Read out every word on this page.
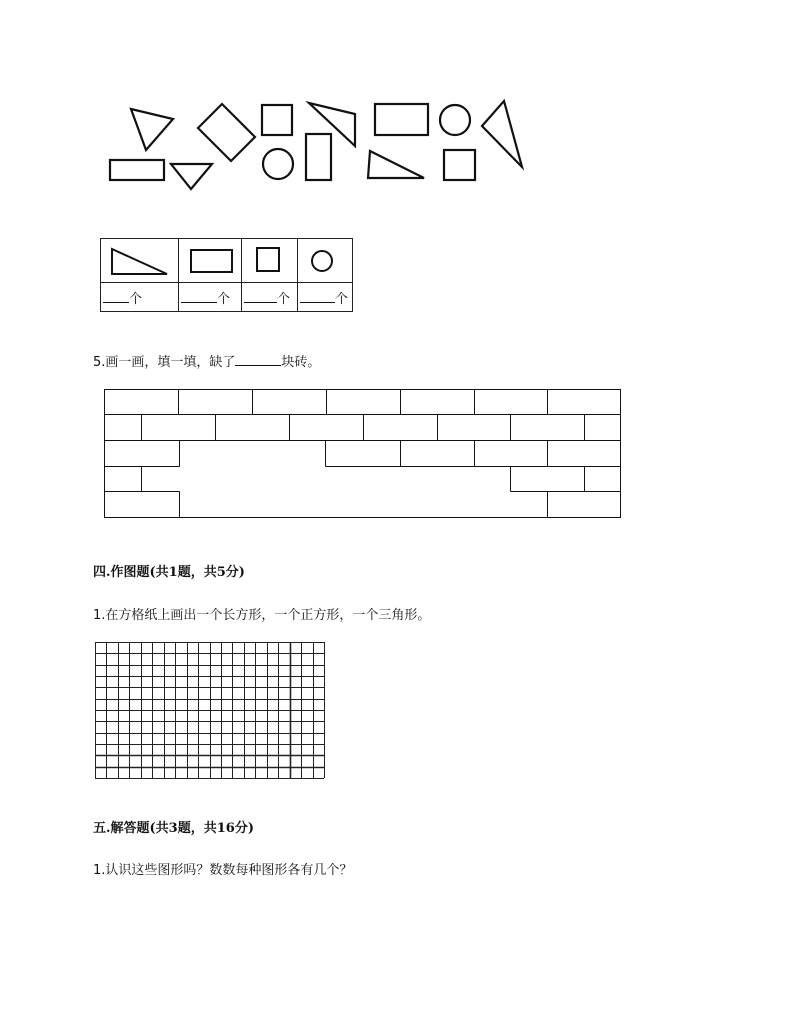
个	个	个	个
5.画一画，填一填，缺了	块砖。
四.作图题(共1题，共5分)
1.在方格纸上画出一个长方形，一个正方形，一个三角形。
五.解答题(共3题，共16分)
1.认识这些图形吗？数数每种图形各有几个？
